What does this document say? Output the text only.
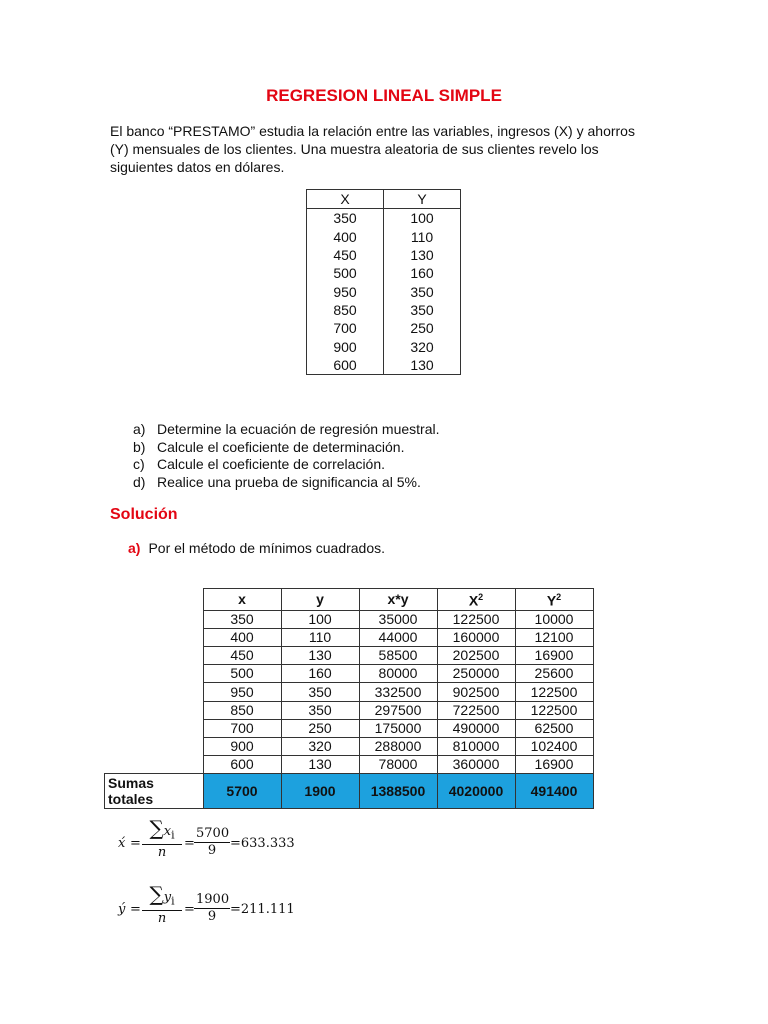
REGRESION LINEAL SIMPLE

El banco “PRESTAMO” estudia la relación entre las variables, ingresos (X) y ahorros (Y) mensuales de los clientes. Una muestra aleatoria de sus clientes revelo los siguientes datos en dólares.

X	Y
350	100
400	110
450	130
500	160
950	350
850	350
700	250
900	320
600	130
a) Determine la ecuación de regresión muestral.
b) Calcule el coeficiente de determinación.
c) Calcule el coeficiente de correlación.
d) Realice una prueba de significancia al 5%.
Solución
a) Por el método de mínimos cuadrados.
	x	y	x*y	$X^2$	$Y^2$
	350	100	35000	122500	10000
	400	110	44000	160000	12100
	450	130	58500	202500	16900
	500	160	80000	250000	25600
	950	350	332500	902500	122500
	850	350	297500	722500	122500
	700	250	175000	490000	62500
	900	320	288000	810000	102400
	600	130	78000	360000	16900
Sumas
totales	5700	1900	1388500	4020000	491400
x́ = $\frac{\sum x_i}{n} = \frac{5700}{9} =633.333$
ý = $\frac{\sum y_i}{n} = \frac{1900}{9} =211.111$
